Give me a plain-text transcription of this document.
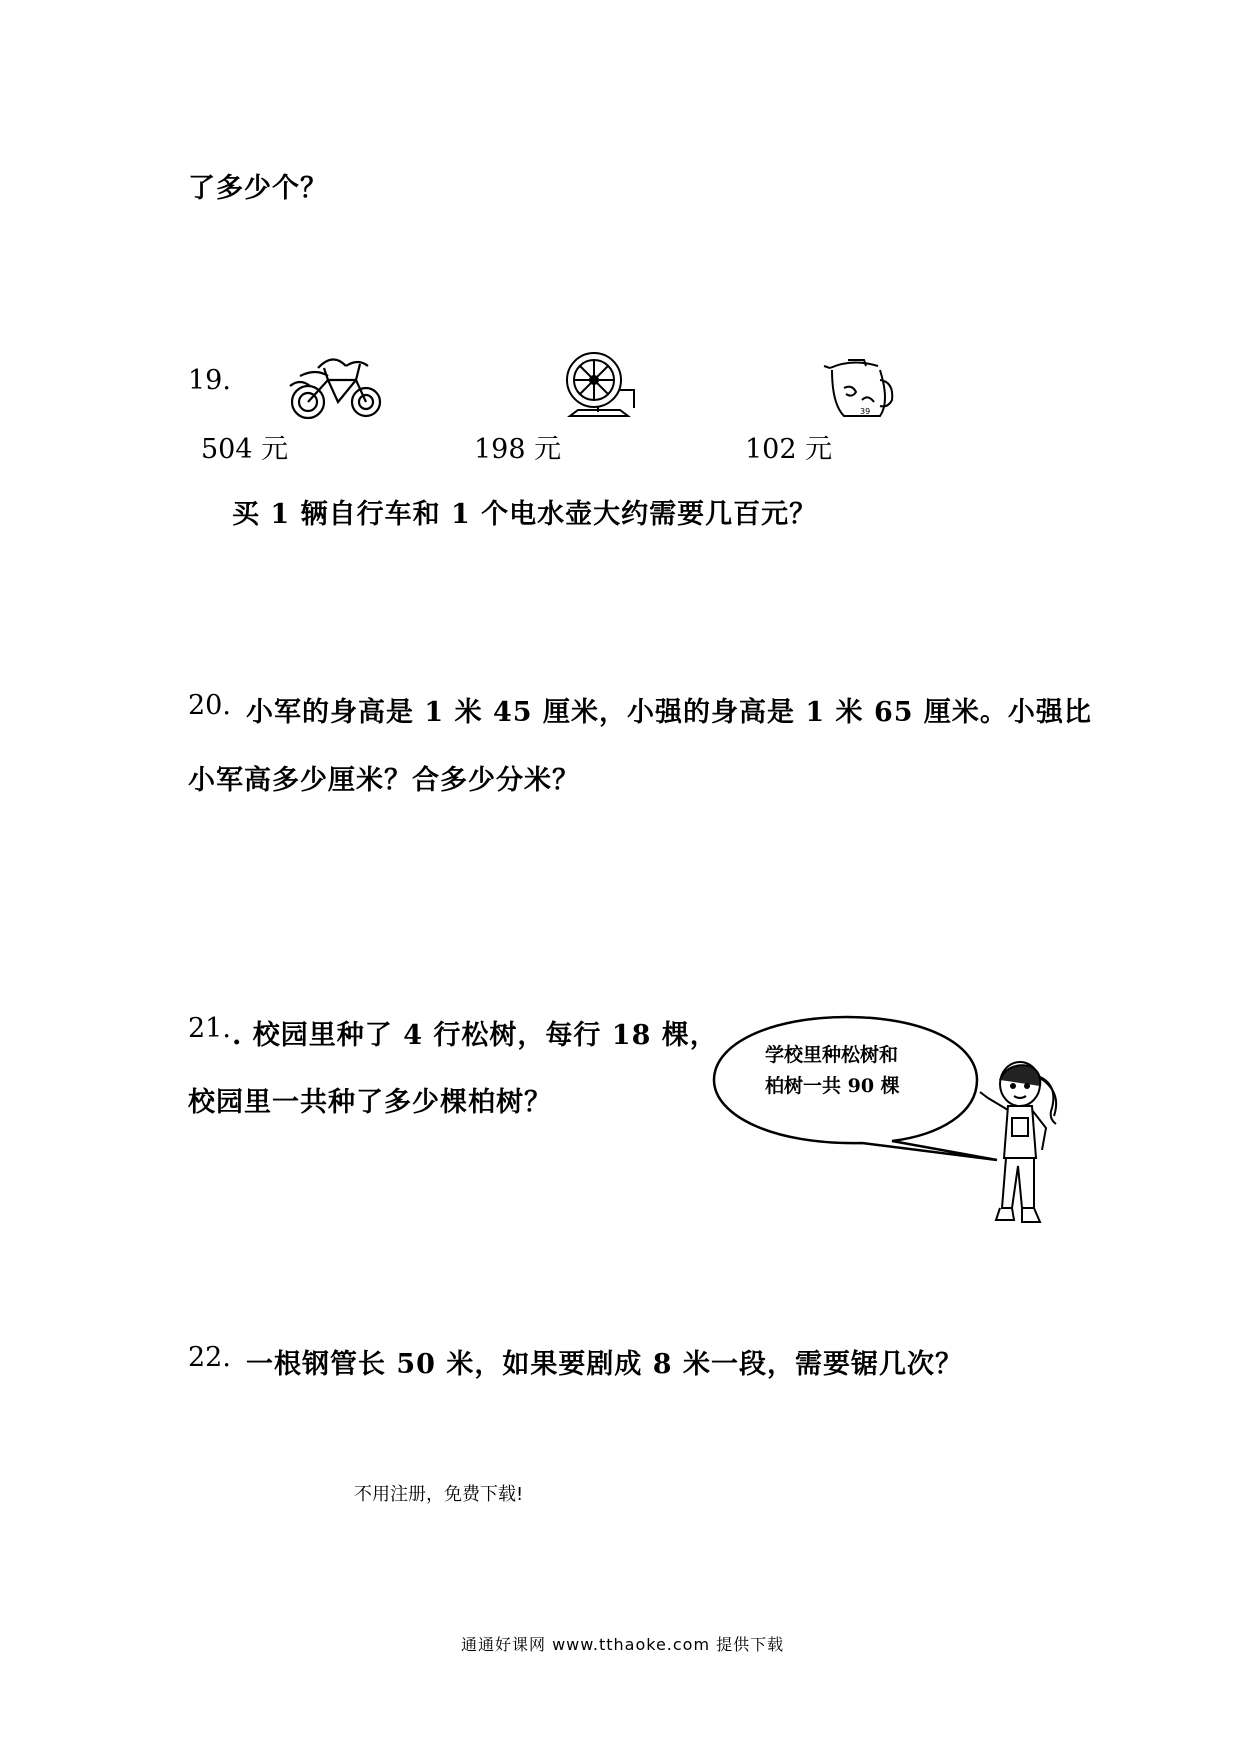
了多少个？
19.
504 元	198 元
39
102 元
买 1 辆自行车和 1 个电水壶大约需要几百元？
20. 小军的身高是 1 米 45 厘米，小强的身高是 1 米 65 厘米。小强比
小军高多少厘米？合多少分米？
21. . 校园里种了 4 行松树，每行 18 棵，
校园里一共种了多少棵柏树？
学校里种松树和
柏树一共 90 棵
22. 一根钢管长 50 米，如果要剧成 8 米一段，需要锯几次？
不用注册，免费下载!
通通好课网 www.tthaoke.com 提供下载
